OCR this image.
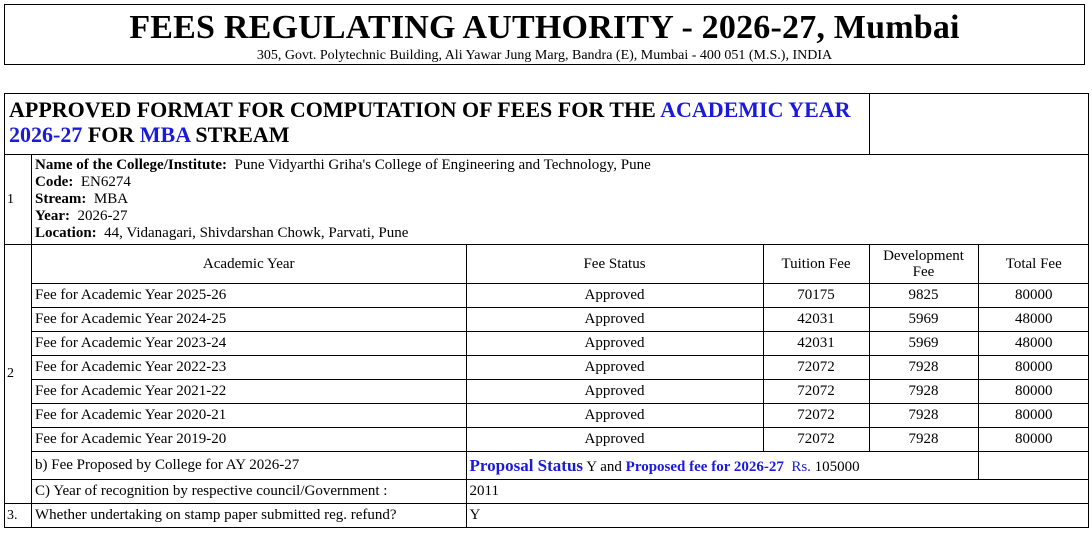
FEES REGULATING AUTHORITY - 2026-27, Mumbai
305, Govt. Polytechnic Building, Ali Yawar Jung Marg, Bandra (E), Mumbai - 400 051 (M.S.), INDIA
APPROVED FORMAT FOR COMPUTATION OF FEES FOR THE ACADEMIC YEAR 2026-27 FOR MBA STREAM	
1	
Name of the College/Institute: Pune Vidyarthi Griha's College of Engineering and Technology, Pune
Code: EN6274
Stream: MBA
Year: 2026-27
Location: 44, Vidanagari, Shivdarshan Chowk, Parvati, Pune

2	
Academic Year	Fee Status	Tuition Fee	Development Fee	Total Fee
Fee for Academic Year 2025-26	Approved	70175	9825	80000
Fee for Academic Year 2024-25	Approved	42031	5969	48000
Fee for Academic Year 2023-24	Approved	42031	5969	48000
Fee for Academic Year 2022-23	Approved	72072	7928	80000
Fee for Academic Year 2021-22	Approved	72072	7928	80000
Fee for Academic Year 2020-21	Approved	72072	7928	80000
Fee for Academic Year 2019-20	Approved	72072	7928	80000
b) Fee Proposed by College for AY 2026-27	Proposal Status Y and Proposed fee for 2026-27 Rs. 105000	
C) Year of recognition by respective council/Government :	2011

3.	Whether undertaking on stamp paper submitted reg. refund?	Y
